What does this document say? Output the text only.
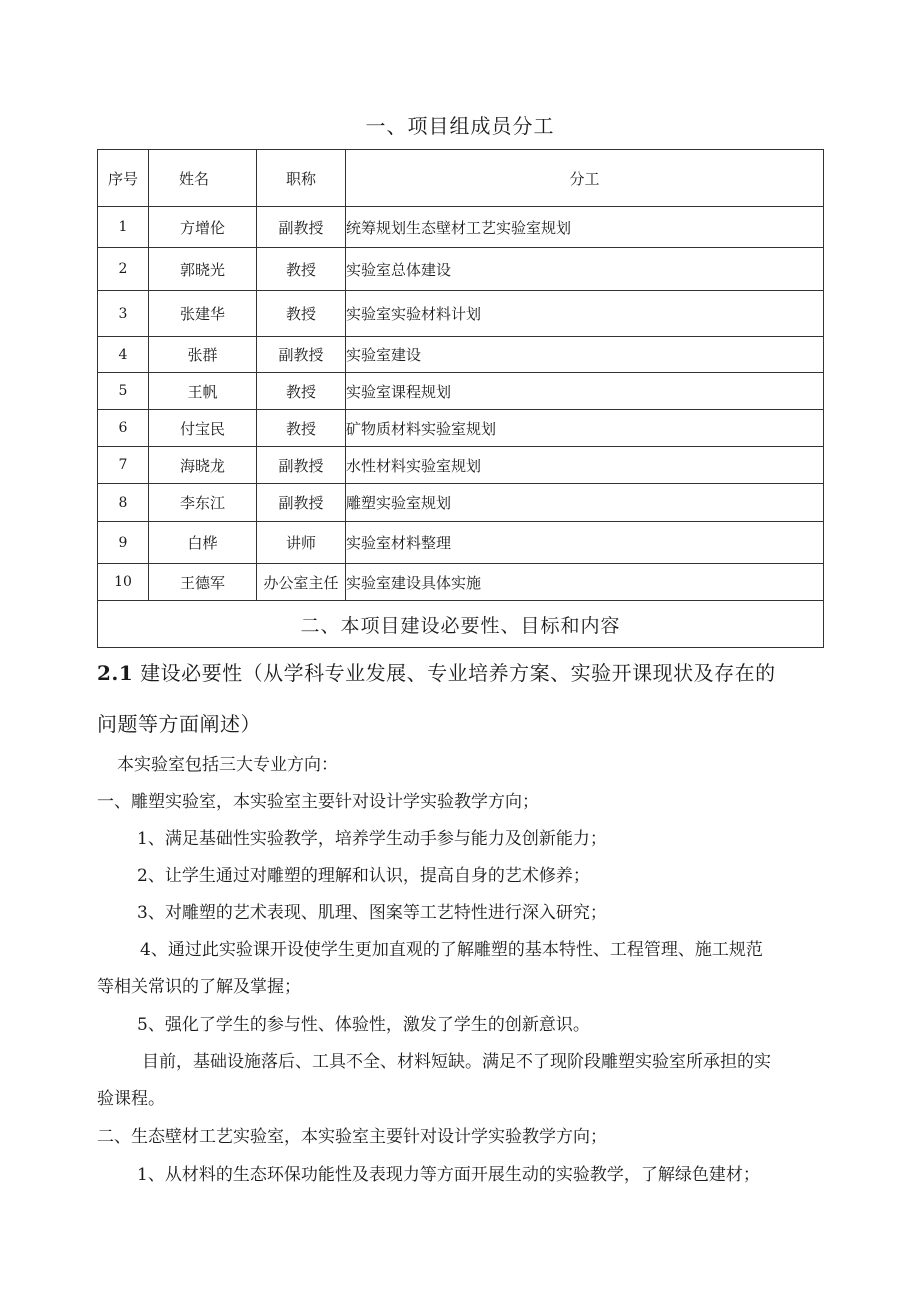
一、项目组成员分工
序号	姓名	职称	分工
1	方增伦	副教授	统筹规划生态壁材工艺实验室规划
2	郭晓光	教授	实验室总体建设
3	张建华	教授	实验室实验材料计划
4	张群	副教授	实验室建设
5	王帆	教授	实验室课程规划
6	付宝民	教授	矿物质材料实验室规划
7	海晓龙	副教授	水性材料实验室规划
8	李东江	副教授	雕塑实验室规划
9	白桦	讲师	实验室材料整理
10	王德军	办公室主任	实验室建设具体实施
二、本项目建设必要性、目标和内容			
2.1 建设必要性（从学科专业发展、专业培养方案、实验开课现状及存在的
问题等方面阐述）
本实验室包括三大专业方向：
一、雕塑实验室，本实验室主要针对设计学实验教学方向；
1、满足基础性实验教学，培养学生动手参与能力及创新能力；
2、让学生通过对雕塑的理解和认识，提高自身的艺术修养；
3、对雕塑的艺术表现、肌理、图案等工艺特性进行深入研究；
4、通过此实验课开设使学生更加直观的了解雕塑的基本特性、工程管理、施工规范
等相关常识的了解及掌握；
5、强化了学生的参与性、体验性，激发了学生的创新意识。
目前，基础设施落后、工具不全、材料短缺。满足不了现阶段雕塑实验室所承担的实
验课程。
二、生态壁材工艺实验室，本实验室主要针对设计学实验教学方向；
1、从材料的生态环保功能性及表现力等方面开展生动的实验教学，了解绿色建材；
